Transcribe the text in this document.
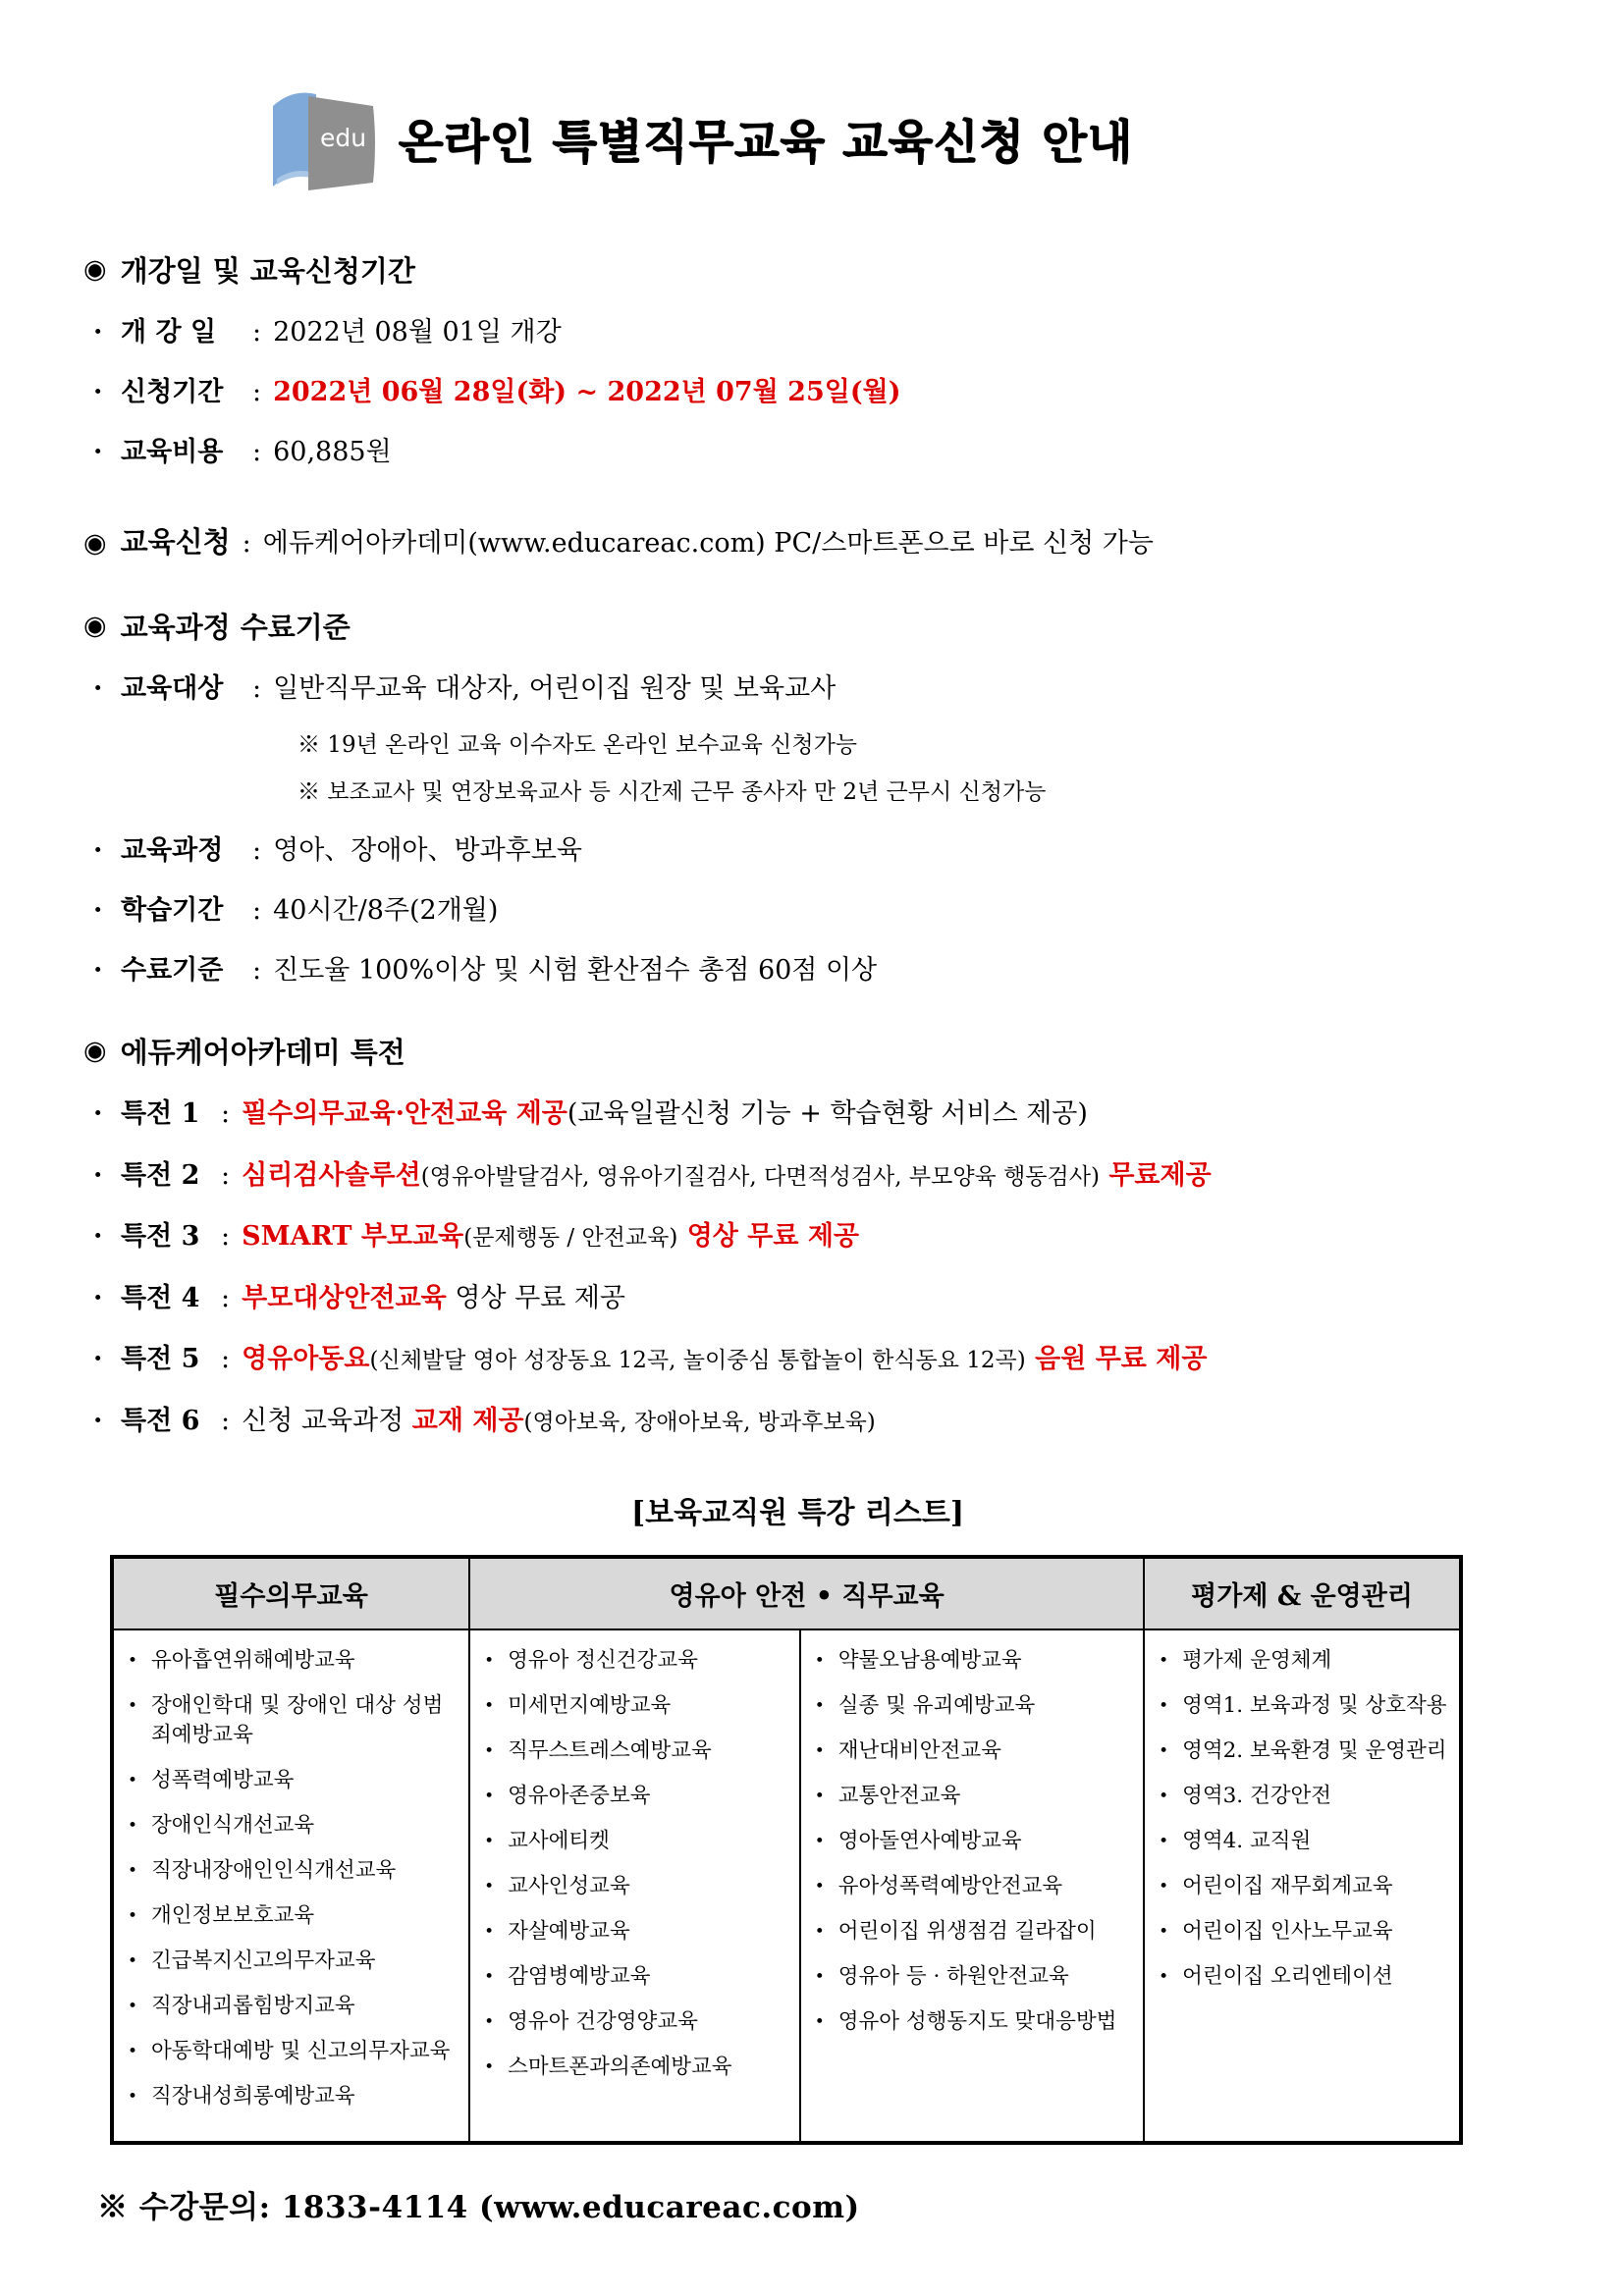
edu 온라인 특별직무교육 교육신청 안내
◉ 개강일 및 교육신청기간
· 개 강 일	: 2022년 08월 01일 개강
· 신청기간	: 2022년 06월 28일(화) ~ 2022년 07월 25일(월)
· 교육비용	: 60,885원
◉ 교육신청 : 에듀케어아카데미(www.educareac.com) PC/스마트폰으로 바로 신청 가능
◉ 교육과정 수료기준
· 교육대상	: 일반직무교육 대상자, 어린이집 원장 및 보육교사
※ 19년 온라인 교육 이수자도 온라인 보수교육 신청가능
※ 보조교사 및 연장보육교사 등 시간제 근무 종사자 만 2년 근무시 신청가능
· 교육과정	: 영아、장애아、방과후보육
· 학습기간	: 40시간/8주(2개월)
· 수료기준	: 진도율 100%이상 및 시험 환산점수 총점 60점 이상
◉ 에듀케어아카데미 특전
· 특전 1 : 필수의무교육·안전교육 제공(교육일괄신청 기능 + 학습현황 서비스 제공)
· 특전 2 : 심리검사솔루션(영유아발달검사, 영유아기질검사, 다면적성검사, 부모양육 행동검사) 무료제공
· 특전 3 : SMART 부모교육(문제행동 / 안전교육) 영상 무료 제공
· 특전 4 : 부모대상안전교육 영상 무료 제공
· 특전 5 : 영유아동요(신체발달 영아 성장동요 12곡, 놀이중심 통합놀이 한식동요 12곡) 음원 무료 제공
· 특전 6 : 신청 교육과정 교재 제공(영아보육, 장애아보육, 방과후보육)
[보육교직원 특강 리스트]
필수의무교육	영유아 안전 • 직무교육		평가제 & 운영관리

• 유아흡연위해예방교육
• 장애인학대 및 장애인 대상 성범죄예방교육
• 성폭력예방교육
• 장애인식개선교육
• 직장내장애인인식개선교육
• 개인정보보호교육
• 긴급복지신고의무자교육
• 직장내괴롭힘방지교육
• 아동학대예방 및 신고의무자교육
• 직장내성희롱예방교육

• 영유아 정신건강교육
• 미세먼지예방교육
• 직무스트레스예방교육
• 영유아존중보육
• 교사에티켓
• 교사인성교육
• 자살예방교육
• 감염병예방교육
• 영유아 건강영양교육
• 스마트폰과의존예방교육

• 약물오남용예방교육
• 실종 및 유괴예방교육
• 재난대비안전교육
• 교통안전교육
• 영아돌연사예방교육
• 유아성폭력예방안전교육
• 어린이집 위생점검 길라잡이
• 영유아 등 · 하원안전교육
• 영유아 성행동지도 맞대응방법

• 평가제 운영체계
• 영역1. 보육과정 및 상호작용
• 영역2. 보육환경 및 운영관리
• 영역3. 건강안전
• 영역4. 교직원
• 어린이집 재무회계교육
• 어린이집 인사노무교육
• 어린이집 오리엔테이션
※ 수강문의: 1833-4114 (www.educareac.com)
